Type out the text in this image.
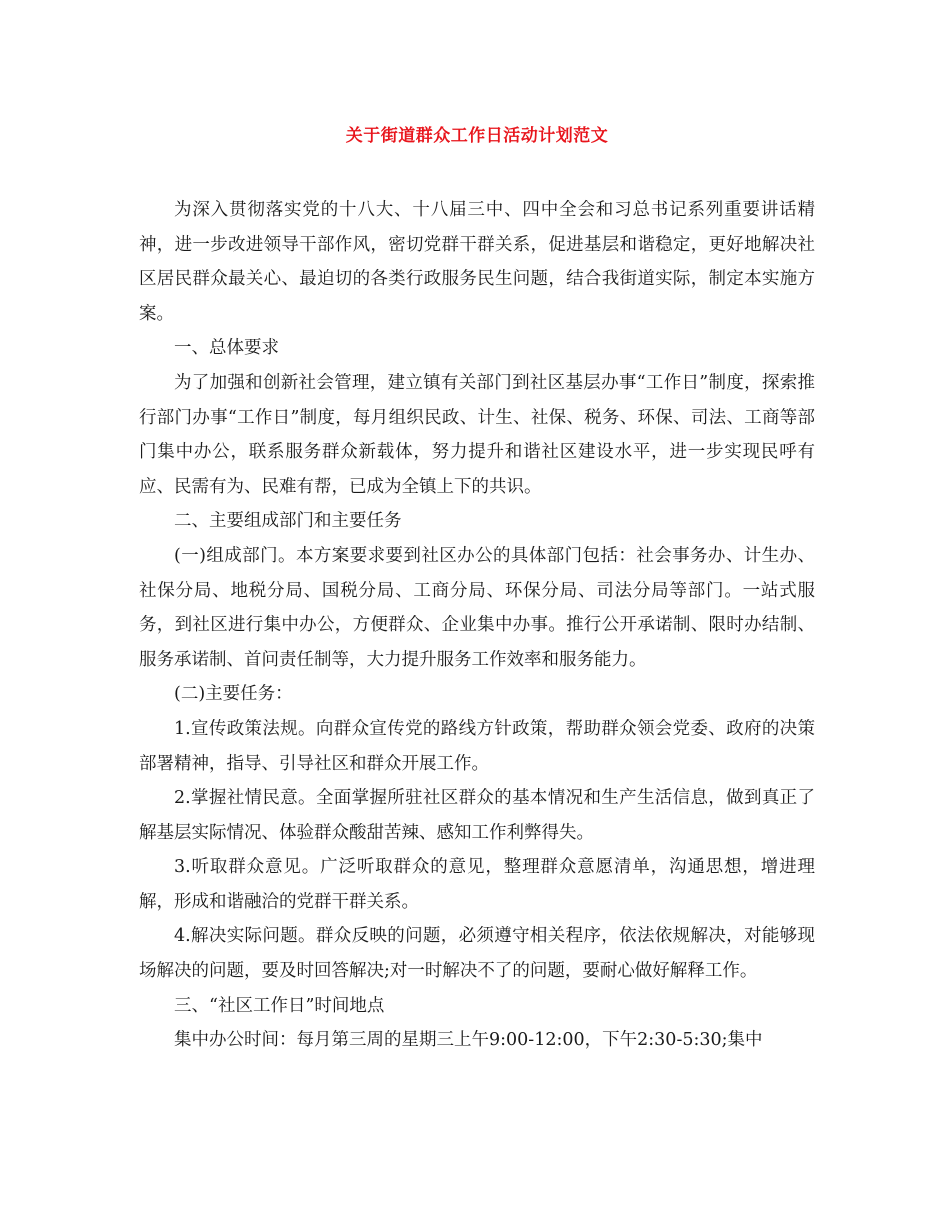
关于街道群众工作日活动计划范文

为深入贯彻落实党的十八大、十八届三中、四中全会和习总书记系列重要讲话精神，进一步改进领导干部作风，密切党群干群关系，促进基层和谐稳定，更好地解决社区居民群众最关心、最迫切的各类行政服务民生问题，结合我街道实际，制定本实施方案。

一、总体要求

为了加强和创新社会管理，建立镇有关部门到社区基层办事“工作日”制度，探索推行部门办事“工作日”制度，每月组织民政、计生、社保、税务、环保、司法、工商等部门集中办公，联系服务群众新载体，努力提升和谐社区建设水平，进一步实现民呼有应、民需有为、民难有帮，已成为全镇上下的共识。

二、主要组成部门和主要任务

(一)组成部门。本方案要求要到社区办公的具体部门包括：社会事务办、计生办、社保分局、地税分局、国税分局、工商分局、环保分局、司法分局等部门。一站式服务，到社区进行集中办公，方便群众、企业集中办事。推行公开承诺制、限时办结制、服务承诺制、首问责任制等，大力提升服务工作效率和服务能力。

(二)主要任务：

1.宣传政策法规。向群众宣传党的路线方针政策，帮助群众领会党委、政府的决策部署精神，指导、引导社区和群众开展工作。

2.掌握社情民意。全面掌握所驻社区群众的基本情况和生产生活信息，做到真正了解基层实际情况、体验群众酸甜苦辣、感知工作利弊得失。

3.听取群众意见。广泛听取群众的意见，整理群众意愿清单，沟通思想，增进理解，形成和谐融洽的党群干群关系。

4.解决实际问题。群众反映的问题，必须遵守相关程序，依法依规解决，对能够现场解决的问题，要及时回答解决;对一时解决不了的问题，要耐心做好解释工作。

三、“社区工作日”时间地点

集中办公时间：每月第三周的星期三上午9:00-12:00，下午2:30-5:30;集中
